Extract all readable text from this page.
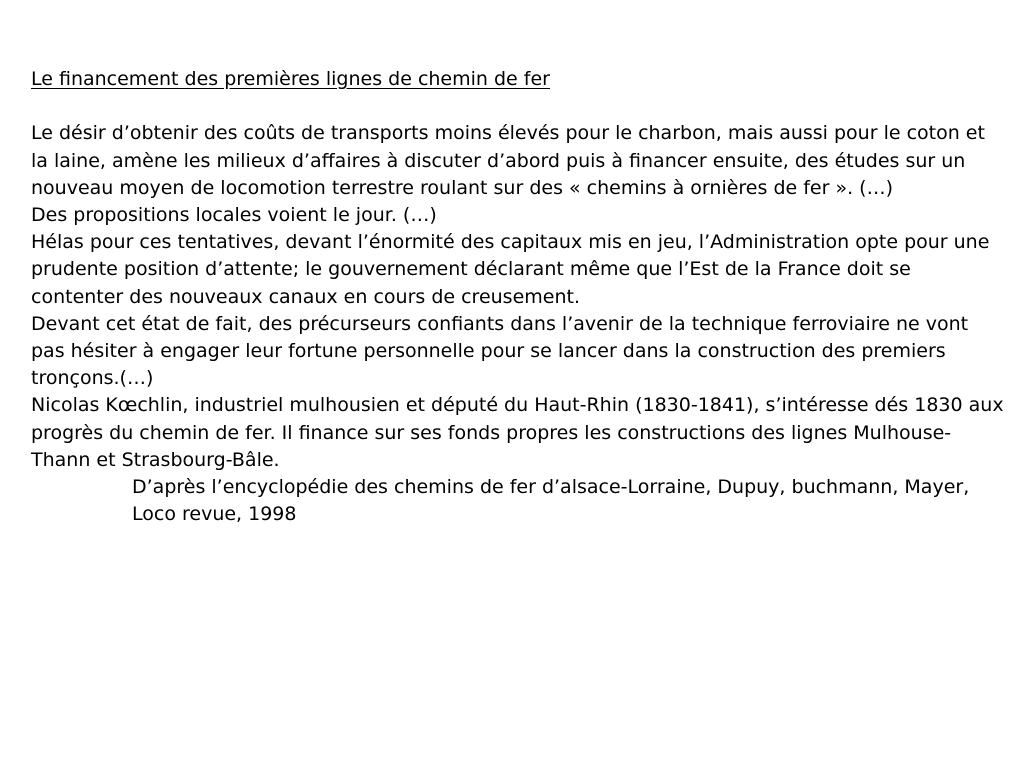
Le financement des premières lignes de chemin de fer

Le désir d’obtenir des coûts de transports moins élevés pour le charbon, mais aussi pour le coton et la laine, amène les milieux d’affaires à discuter d’abord puis à financer ensuite, des études sur un nouveau moyen de locomotion terrestre roulant sur des « chemins à ornières de fer ». (…)

Des propositions locales voient le jour. (…)

Hélas pour ces tentatives, devant l’énormité des capitaux mis en jeu, l’Administration opte pour une prudente position d’attente; le gouvernement déclarant même que l’Est de la France doit se contenter des nouveaux canaux en cours de creusement.

Devant cet état de fait, des précurseurs confiants dans l’avenir de la technique ferroviaire ne vont pas hésiter à engager leur fortune personnelle pour se lancer dans la construction des premiers tronçons.(…)

Nicolas Kœchlin, industriel mulhousien et député du Haut-Rhin (1830-1841), s’intéresse dés 1830 aux progrès du chemin de fer. Il finance sur ses fonds propres les constructions des lignes Mulhouse-Thann et Strasbourg-Bâle.

D’après l’encyclopédie des chemins de fer d’alsace-Lorraine, Dupuy, buchmann, Mayer, Loco revue, 1998
